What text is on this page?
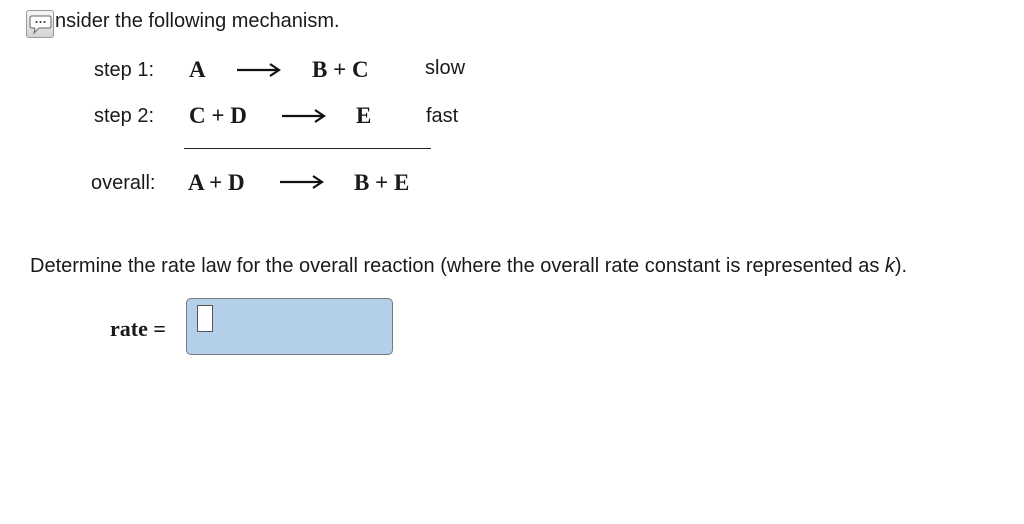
nsider the following mechanism.
step 1: A	B + C	slow
step 2: C + D	E	fast
overall: A + D	B + E
Determine the rate law for the overall reaction (where the overall rate constant is represented as k).
rate =
